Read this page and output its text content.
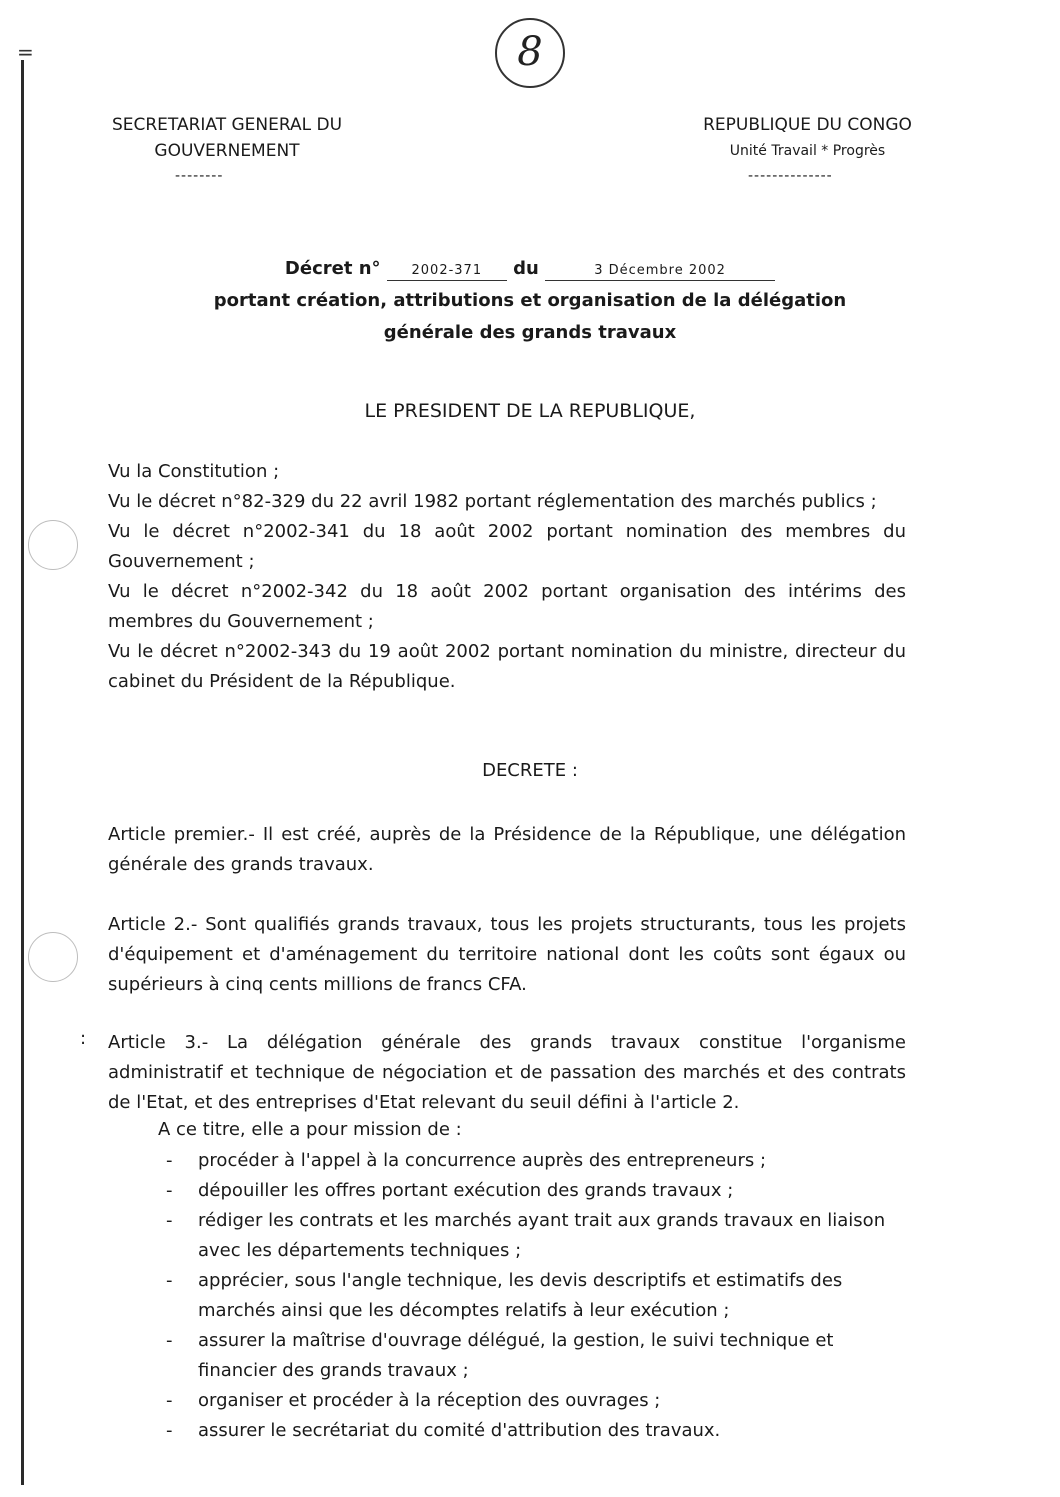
=	8
SECRETARIAT GENERAL DU
GOUVERNEMENT
--------
REPUBLIQUE DU CONGO
Unité Travail * Progrès
--------------
Décret n° 2002-371 du	3 Décembre 2002
portant création, attributions et organisation de la délégation
générale des grands travaux
LE PRESIDENT DE LA REPUBLIQUE,

Vu la Constitution ;

Vu le décret n°82-329 du 22 avril 1982 portant réglementation des marchés publics ;

Vu le décret n°2002-341 du 18 août 2002 portant nomination des membres du Gouvernement ;

Vu le décret n°2002-342 du 18 août 2002 portant organisation des intérims des membres du Gouvernement ;

Vu le décret n°2002-343 du 19 août 2002 portant nomination du ministre, directeur du cabinet du Président de la République.

DECRETE :
Article premier.- Il est créé, auprès de la Présidence de la République, une délégation générale des grands travaux.
Article 2.- Sont qualifiés grands travaux, tous les projets structurants, tous les projets d'équipement et d'aménagement du territoire national dont les coûts sont égaux ou supérieurs à cinq cents millions de francs CFA.
: Article 3.- La délégation générale des grands travaux constitue l'organisme administratif et technique de négociation et de passation des marchés et des contrats de l'Etat, et des entreprises d'Etat relevant du seuil défini à l'article 2.
A ce titre, elle a pour mission de :
- procéder à l'appel à la concurrence auprès des entrepreneurs ;
- dépouiller les offres portant exécution des grands travaux ;
- rédiger les contrats et les marchés ayant trait aux grands travaux en liaison avec les départements techniques ;
- apprécier, sous l'angle technique, les devis descriptifs et estimatifs des marchés ainsi que les décomptes relatifs à leur exécution ;
- assurer la maîtrise d'ouvrage délégué, la gestion, le suivi technique et financier des grands travaux ;
- organiser et procéder à la réception des ouvrages ;
- assurer le secrétariat du comité d'attribution des travaux.
